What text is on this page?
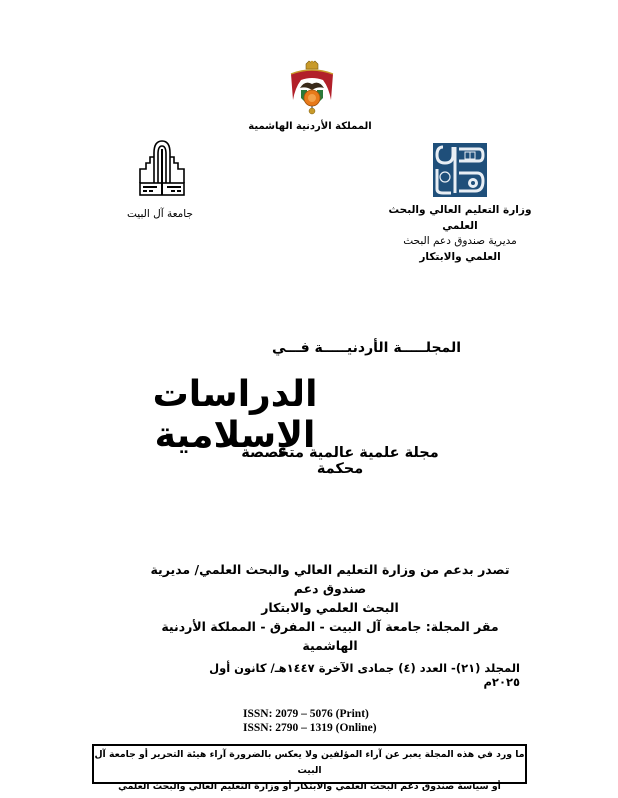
المملكة الأردنية الهاشمية
جامعة آل البيت	وزارة التعليم العالي والبحث
العلمي
مديرية صندوق دعم البحث
العلمي والابتكار
المجلـــــة الأردنيـــــة فـــي
الدراسات الإسلامية
مجلة علمية عالمية متخصصة محكمة
تصدر بدعم من وزارة التعليم العالي والبحث العلمي/ مديرية صندوق دعم
البحث العلمي والابتكار
مقر المجلة: جامعة آل البيت - المفرق - المملكة الأردنية الهاشمية
المجلد (٢١)- العدد (٤) جمادى الآخرة ١٤٤٧هـ/ كانون أول ٢٠٢٥م
ISSN: 2079 – 5076 (Print)
ISSN: 2790 – 1319 (Online)
ما ورد في هذه المجلة يعبر عن آراء المؤلفين ولا يعكس بالضرورة آراء هيئة التحرير أو جامعة آل البيت
أو سياسة صندوق دعم البحث العلمي والابتكار أو وزارة التعليم العالي والبحث العلمي
